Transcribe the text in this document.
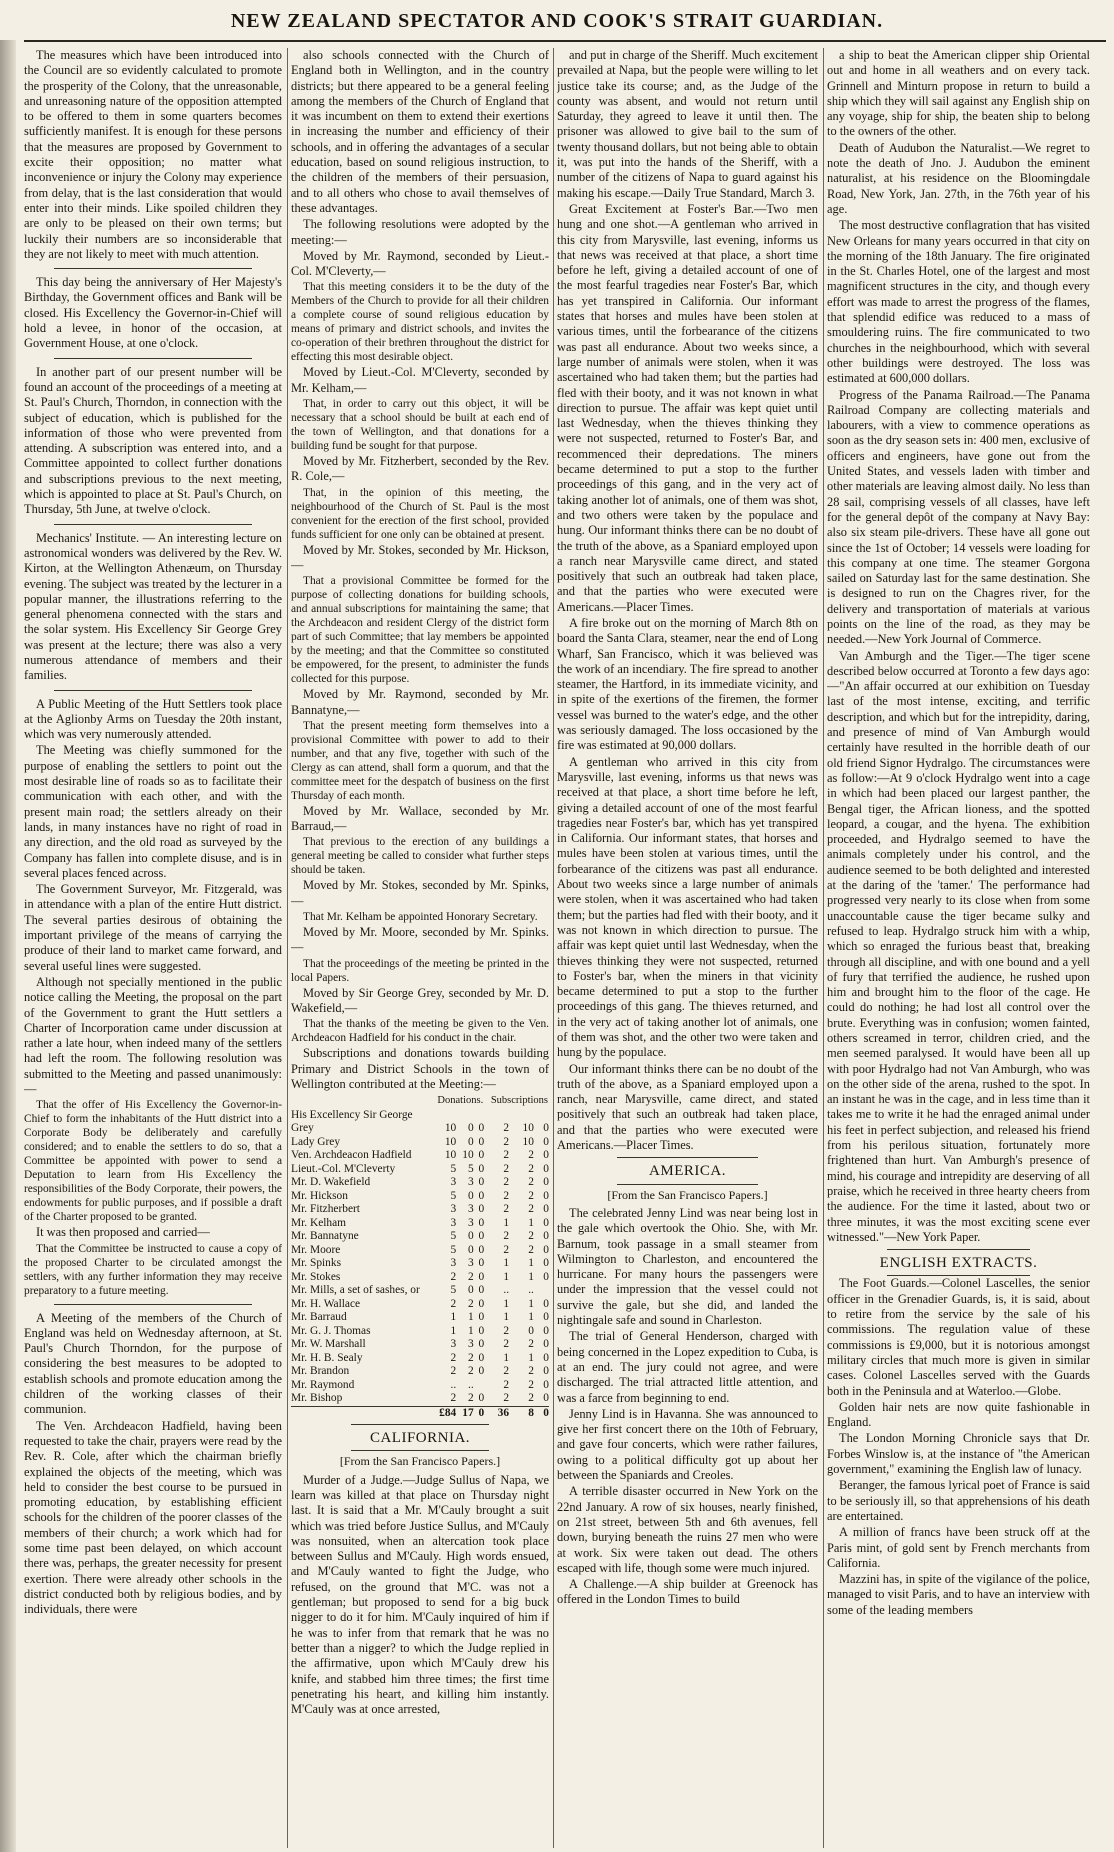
NEW ZEALAND SPECTATOR AND COOK'S STRAIT GUARDIAN.

The measures which have been introduced into the Council are so evidently calculated to promote the prosperity of the Colony, that the unreasonable, and unreasoning nature of the opposition attempted to be offered to them in some quarters becomes sufficiently manifest. It is enough for these persons that the measures are proposed by Government to excite their opposition; no matter what inconvenience or injury the Colony may experience from delay, that is the last consideration that would enter into their minds. Like spoiled children they are only to be pleased on their own terms; but luckily their numbers are so inconsiderable that they are not likely to meet with much attention.

This day being the anniversary of Her Majesty's Birthday, the Government offices and Bank will be closed. His Excellency the Governor-in-Chief will hold a levee, in honor of the occasion, at Government House, at one o'clock.

In another part of our present number will be found an account of the proceedings of a meeting at St. Paul's Church, Thorndon, in connection with the subject of education, which is published for the information of those who were prevented from attending. A subscription was entered into, and a Committee appointed to collect further donations and subscriptions previous to the next meeting, which is appointed to place at St. Paul's Church, on Thursday, 5th June, at twelve o'clock.

Mechanics' Institute. — An interesting lecture on astronomical wonders was delivered by the Rev. W. Kirton, at the Wellington Athenæum, on Thursday evening. The subject was treated by the lecturer in a popular manner, the illustrations referring to the general phenomena connected with the stars and the solar system. His Excellency Sir George Grey was present at the lecture; there was also a very numerous attendance of members and their families.

A Public Meeting of the Hutt Settlers took place at the Aglionby Arms on Tuesday the 20th instant, which was very numerously attended.

The Meeting was chiefly summoned for the purpose of enabling the settlers to point out the most desirable line of roads so as to facilitate their communication with each other, and with the present main road; the settlers already on their lands, in many instances have no right of road in any direction, and the old road as surveyed by the Company has fallen into complete disuse, and is in several places fenced across.

The Government Surveyor, Mr. Fitzgerald, was in attendance with a plan of the entire Hutt district. The several parties desirous of obtaining the important privilege of the means of carrying the produce of their land to market came forward, and several useful lines were suggested.

Although not specially mentioned in the public notice calling the Meeting, the proposal on the part of the Government to grant the Hutt settlers a Charter of Incorporation came under discussion at rather a late hour, when indeed many of the settlers had left the room. The following resolution was submitted to the Meeting and passed unanimously:—

That the offer of His Excellency the Governor-in-Chief to form the inhabitants of the Hutt district into a Corporate Body be deliberately and carefully considered; and to enable the settlers to do so, that a Committee be appointed with power to send a Deputation to learn from His Excellency the responsibilities of the Body Corporate, their powers, the endowments for public purposes, and if possible a draft of the Charter proposed to be granted.

It was then proposed and carried—

That the Committee be instructed to cause a copy of the proposed Charter to be circulated amongst the settlers, with any further information they may receive preparatory to a future meeting.

A Meeting of the members of the Church of England was held on Wednesday afternoon, at St. Paul's Church Thorndon, for the purpose of considering the best measures to be adopted to establish schools and promote education among the children of the working classes of their communion.

The Ven. Archdeacon Hadfield, having been requested to take the chair, prayers were read by the Rev. R. Cole, after which the chairman briefly explained the objects of the meeting, which was held to consider the best course to be pursued in promoting education, by establishing efficient schools for the children of the poorer classes of the members of their church; a work which had for some time past been delayed, on which account there was, perhaps, the greater necessity for present exertion. There were already other schools in the district conducted both by religious bodies, and by individuals, there were

also schools connected with the Church of England both in Wellington, and in the country districts; but there appeared to be a general feeling among the members of the Church of England that it was incumbent on them to extend their exertions in increasing the number and efficiency of their schools, and in offering the advantages of a secular education, based on sound religious instruction, to the children of the members of their persuasion, and to all others who chose to avail themselves of these advantages.

The following resolutions were adopted by the meeting:—

Moved by Mr. Raymond, seconded by Lieut.-Col. M'Cleverty,—

That this meeting considers it to be the duty of the Members of the Church to provide for all their children a complete course of sound religious education by means of primary and district schools, and invites the co-operation of their brethren throughout the district for effecting this most desirable object.

Moved by Lieut.-Col. M'Cleverty, seconded by Mr. Kelham,—

That, in order to carry out this object, it will be necessary that a school should be built at each end of the town of Wellington, and that donations for a building fund be sought for that purpose.

Moved by Mr. Fitzherbert, seconded by the Rev. R. Cole,—

That, in the opinion of this meeting, the neighbourhood of the Church of St. Paul is the most convenient for the erection of the first school, provided funds sufficient for one only can be obtained at present.

Moved by Mr. Stokes, seconded by Mr. Hickson,—

That a provisional Committee be formed for the purpose of collecting donations for building schools, and annual subscriptions for maintaining the same; that the Archdeacon and resident Clergy of the district form part of such Committee; that lay members be appointed by the meeting; and that the Committee so constituted be empowered, for the present, to administer the funds collected for this purpose.

Moved by Mr. Raymond, seconded by Mr. Bannatyne,—

That the present meeting form themselves into a provisional Committee with power to add to their number, and that any five, together with such of the Clergy as can attend, shall form a quorum, and that the committee meet for the despatch of business on the first Thursday of each month.

Moved by Mr. Wallace, seconded by Mr. Barraud,—

That previous to the erection of any buildings a general meeting be called to consider what further steps should be taken.

Moved by Mr. Stokes, seconded by Mr. Spinks,—

That Mr. Kelham be appointed Honorary Secretary.

Moved by Mr. Moore, seconded by Mr. Spinks.—

That the proceedings of the meeting be printed in the local Papers.

Moved by Sir George Grey, seconded by Mr. D. Wakefield,—

That the thanks of the meeting be given to the Ven. Archdeacon Hadfield for his conduct in the chair.

Subscriptions and donations towards building Primary and District Schools in the town of Wellington contributed at the Meeting:—

	Donations.			Subscriptions		
His Excellency Sir George						
Grey	10	0	0	2	10	0
Lady Grey	10	0	0	2	10	0
Ven. Archdeacon Hadfield	10	10	0	2	2	0
Lieut.-Col. M'Cleverty	5	5	0	2	2	0
Mr. D. Wakefield	3	3	0	2	2	0
Mr. Hickson	5	0	0	2	2	0
Mr. Fitzherbert	3	3	0	2	2	0
Mr. Kelham	3	3	0	1	1	0
Mr. Bannatyne	5	0	0	2	2	0
Mr. Moore	5	0	0	2	2	0
Mr. Spinks	3	3	0	1	1	0
Mr. Stokes	2	2	0	1	1	0
Mr. Mills, a set of sashes, or	5	0	0	..	..	
Mr. H. Wallace	2	2	0	1	1	0
Mr. Barraud	1	1	0	1	1	0
Mr. G. J. Thomas	1	1	0	2	0	0
Mr. W. Marshall	3	3	0	2	2	0
Mr. H. B. Sealy	2	2	0	1	1	0
Mr. Brandon	2	2	0	2	2	0
Mr. Raymond	..	..		2	2	0
Mr. Bishop	2	2	0	2	2	0
	£84	17	0	36	8	0
CALIFORNIA.
[From the San Francisco Papers.]

Murder of a Judge.—Judge Sullus of Napa, we learn was killed at that place on Thursday night last. It is said that a Mr. M'Cauly brought a suit which was tried before Justice Sullus, and M'Cauly was nonsuited, when an altercation took place between Sullus and M'Cauly. High words ensued, and M'Cauly wanted to fight the Judge, who refused, on the ground that M'C. was not a gentleman; but proposed to send for a big buck nigger to do it for him. M'Cauly inquired of him if he was to infer from that remark that he was no better than a nigger? to which the Judge replied in the affirmative, upon which M'Cauly drew his knife, and stabbed him three times; the first time penetrating his heart, and killing him instantly. M'Cauly was at once arrested,

and put in charge of the Sheriff. Much excitement prevailed at Napa, but the people were willing to let justice take its course; and, as the Judge of the county was absent, and would not return until Saturday, they agreed to leave it until then. The prisoner was allowed to give bail to the sum of twenty thousand dollars, but not being able to obtain it, was put into the hands of the Sheriff, with a number of the citizens of Napa to guard against his making his escape.—Daily True Standard, March 3.

Great Excitement at Foster's Bar.—Two men hung and one shot.—A gentleman who arrived in this city from Marysville, last evening, informs us that news was received at that place, a short time before he left, giving a detailed account of one of the most fearful tragedies near Foster's Bar, which has yet transpired in California. Our informant states that horses and mules have been stolen at various times, until the forbearance of the citizens was past all endurance. About two weeks since, a large number of animals were stolen, when it was ascertained who had taken them; but the parties had fled with their booty, and it was not known in what direction to pursue. The affair was kept quiet until last Wednesday, when the thieves thinking they were not suspected, returned to Foster's Bar, and recommenced their depredations. The miners became determined to put a stop to the further proceedings of this gang, and in the very act of taking another lot of animals, one of them was shot, and two others were taken by the populace and hung. Our informant thinks there can be no doubt of the truth of the above, as a Spaniard employed upon a ranch near Marysville came direct, and stated positively that such an outbreak had taken place, and that the parties who were executed were Americans.—Placer Times.

A fire broke out on the morning of March 8th on board the Santa Clara, steamer, near the end of Long Wharf, San Francisco, which it was believed was the work of an incendiary. The fire spread to another steamer, the Hartford, in its immediate vicinity, and in spite of the exertions of the firemen, the former vessel was burned to the water's edge, and the other was seriously damaged. The loss occasioned by the fire was estimated at 90,000 dollars.

A gentleman who arrived in this city from Marysville, last evening, informs us that news was received at that place, a short time before he left, giving a detailed account of one of the most fearful tragedies near Foster's bar, which has yet transpired in California. Our informant states, that horses and mules have been stolen at various times, until the forbearance of the citizens was past all endurance. About two weeks since a large number of animals were stolen, when it was ascertained who had taken them; but the parties had fled with their booty, and it was not known in which direction to pursue. The affair was kept quiet until last Wednesday, when the thieves thinking they were not suspected, returned to Foster's bar, when the miners in that vicinity became determined to put a stop to the further proceedings of this gang. The thieves returned, and in the very act of taking another lot of animals, one of them was shot, and the other two were taken and hung by the populace.

Our informant thinks there can be no doubt of the truth of the above, as a Spaniard employed upon a ranch, near Marysville, came direct, and stated positively that such an outbreak had taken place, and that the parties who were executed were Americans.—Placer Times.

AMERICA.
[From the San Francisco Papers.]

The celebrated Jenny Lind was near being lost in the gale which overtook the Ohio. She, with Mr. Barnum, took passage in a small steamer from Wilmington to Charleston, and encountered the hurricane. For many hours the passengers were under the impression that the vessel could not survive the gale, but she did, and landed the nightingale safe and sound in Charleston.

The trial of General Henderson, charged with being concerned in the Lopez expedition to Cuba, is at an end. The jury could not agree, and were discharged. The trial attracted little attention, and was a farce from beginning to end.

Jenny Lind is in Havanna. She was announced to give her first concert there on the 10th of February, and gave four concerts, which were rather failures, owing to a political difficulty got up about her between the Spaniards and Creoles.

A terrible disaster occurred in New York on the 22nd January. A row of six houses, nearly finished, on 21st street, between 5th and 6th avenues, fell down, burying beneath the ruins 27 men who were at work. Six were taken out dead. The others escaped with life, though some were much injured.

A Challenge.—A ship builder at Greenock has offered in the London Times to build

a ship to beat the American clipper ship Oriental out and home in all weathers and on every tack. Grinnell and Minturn propose in return to build a ship which they will sail against any English ship on any voyage, ship for ship, the beaten ship to belong to the owners of the other.

Death of Audubon the Naturalist.—We regret to note the death of Jno. J. Audubon the eminent naturalist, at his residence on the Bloomingdale Road, New York, Jan. 27th, in the 76th year of his age.

The most destructive conflagration that has visited New Orleans for many years occurred in that city on the morning of the 18th January. The fire originated in the St. Charles Hotel, one of the largest and most magnificent structures in the city, and though every effort was made to arrest the progress of the flames, that splendid edifice was reduced to a mass of smouldering ruins. The fire communicated to two churches in the neighbourhood, which with several other buildings were destroyed. The loss was estimated at 600,000 dollars.

Progress of the Panama Railroad.—The Panama Railroad Company are collecting materials and labourers, with a view to commence operations as soon as the dry season sets in: 400 men, exclusive of officers and engineers, have gone out from the United States, and vessels laden with timber and other materials are leaving almost daily. No less than 28 sail, comprising vessels of all classes, have left for the general depôt of the company at Navy Bay: also six steam pile-drivers. These have all gone out since the 1st of October; 14 vessels were loading for this company at one time. The steamer Gorgona sailed on Saturday last for the same destination. She is designed to run on the Chagres river, for the delivery and transportation of materials at various points on the line of the road, as they may be needed.—New York Journal of Commerce.

Van Amburgh and the Tiger.—The tiger scene described below occurred at Toronto a few days ago:—"An affair occurred at our exhibition on Tuesday last of the most intense, exciting, and terrific description, and which but for the intrepidity, daring, and presence of mind of Van Amburgh would certainly have resulted in the horrible death of our old friend Signor Hydralgo. The circumstances were as follow:—At 9 o'clock Hydralgo went into a cage in which had been placed our largest panther, the Bengal tiger, the African lioness, and the spotted leopard, a cougar, and the hyena. The exhibition proceeded, and Hydralgo seemed to have the animals completely under his control, and the audience seemed to be both delighted and interested at the daring of the 'tamer.' The performance had progressed very nearly to its close when from some unaccountable cause the tiger became sulky and refused to leap. Hydralgo struck him with a whip, which so enraged the furious beast that, breaking through all discipline, and with one bound and a yell of fury that terrified the audience, he rushed upon him and brought him to the floor of the cage. He could do nothing; he had lost all control over the brute. Everything was in confusion; women fainted, others screamed in terror, children cried, and the men seemed paralysed. It would have been all up with poor Hydralgo had not Van Amburgh, who was on the other side of the arena, rushed to the spot. In an instant he was in the cage, and in less time than it takes me to write it he had the enraged animal under his feet in perfect subjection, and released his friend from his perilous situation, fortunately more frightened than hurt. Van Amburgh's presence of mind, his courage and intrepidity are deserving of all praise, which he received in three hearty cheers from the audience. For the time it lasted, about two or three minutes, it was the most exciting scene ever witnessed."—New York Paper.

ENGLISH EXTRACTS.

The Foot Guards.—Colonel Lascelles, the senior officer in the Grenadier Guards, is, it is said, about to retire from the service by the sale of his commissions. The regulation value of these commissions is £9,000, but it is notorious amongst military circles that much more is given in similar cases. Colonel Lascelles served with the Guards both in the Peninsula and at Waterloo.—Globe.

Golden hair nets are now quite fashionable in England.

The London Morning Chronicle says that Dr. Forbes Winslow is, at the instance of "the American government," examining the English law of lunacy.

Beranger, the famous lyrical poet of France is said to be seriously ill, so that apprehensions of his death are entertained.

A million of francs have been struck off at the Paris mint, of gold sent by French merchants from California.

Mazzini has, in spite of the vigilance of the police, managed to visit Paris, and to have an interview with some of the leading members
